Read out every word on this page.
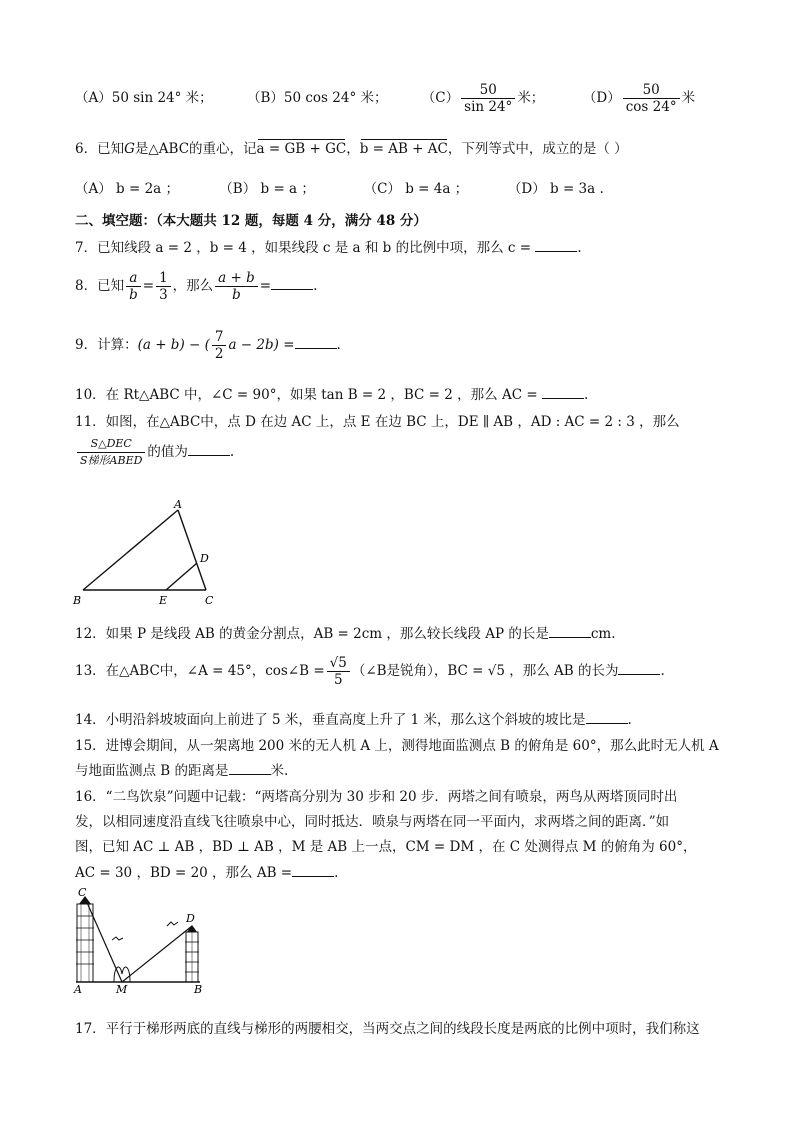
（A）50 sin 24° 米；	（B）50 cos 24° 米；	$(C) \frac{50}{\sin 24^\circ}$ 米；	$(D) \frac{50}{\cos 24^\circ}$ 米
6．已知G是△ABC的重心，记a = GB + GC，b = AB + AC，下列等式中，成立的是（ ）
（A） b = 2a ；	（B） b = a ；	（C） b = 4a ；	（D） b = 3a .
二、填空题：（本大题共 12 题，每题 4 分，满分 48 分）
7．已知线段 a = 2 ，b = 4 ，如果线段 c 是 a 和 b 的比例中项，那么 c =	.
8．已知 $\frac{a}{b} = \frac{1}{3}$ ，那么 $\frac{a + b}{b}$ =	.
9．计算：(a + b) − ( $\frac{7}{2}$ a − 2b) =	.
10．在 Rt△ABC 中，∠C = 90°，如果 tan B = 2 ，BC = 2 ，那么 AC =	.
11．如图，在△ABC中，点 D 在边 AC 上，点 E 在边 BC 上，DE ∥ AB ，AD : AC = 2 : 3 ，那么
$\frac{\text{S△DEC}}{\text{S梯形ABED}}$ 的值为	.
A
B	C
D
E
12．如果 P 是线段 AB 的黄金分割点，AB = 2cm ，那么较长线段 AP 的长是	cm.
13．在△ABC中，∠A = 45°，cos∠B = $\frac{√5}{5}$ （∠B是锐角），BC = √5 ，那么 AB 的长为	.
14．小明沿斜坡坡面向上前进了 5 米，垂直高度上升了 1 米，那么这个斜坡的坡比是	.
15．进博会期间，从一架离地 200 米的无人机 A 上，测得地面监测点 B 的俯角是 60°，那么此时无人机 A
与地面监测点 B 的距离是	米.
16．“二鸟饮泉”问题中记载：“两塔高分别为 30 步和 20 步．两塔之间有喷泉，两鸟从两塔顶同时出
发，以相同速度沿直线飞往喷泉中心，同时抵达．喷泉与两塔在同一平面内，求两塔之间的距离．”如
图，已知 AC ⊥ AB ，BD ⊥ AB ，M 是 AB 上一点，CM = DM ，在 C 处测得点 M 的俯角为 60°，
AC = 30 ，BD = 20 ，那么 AB =	.
C
D
A	M	B
17．平行于梯形两底的直线与梯形的两腰相交，当两交点之间的线段长度是两底的比例中项时，我们称这
